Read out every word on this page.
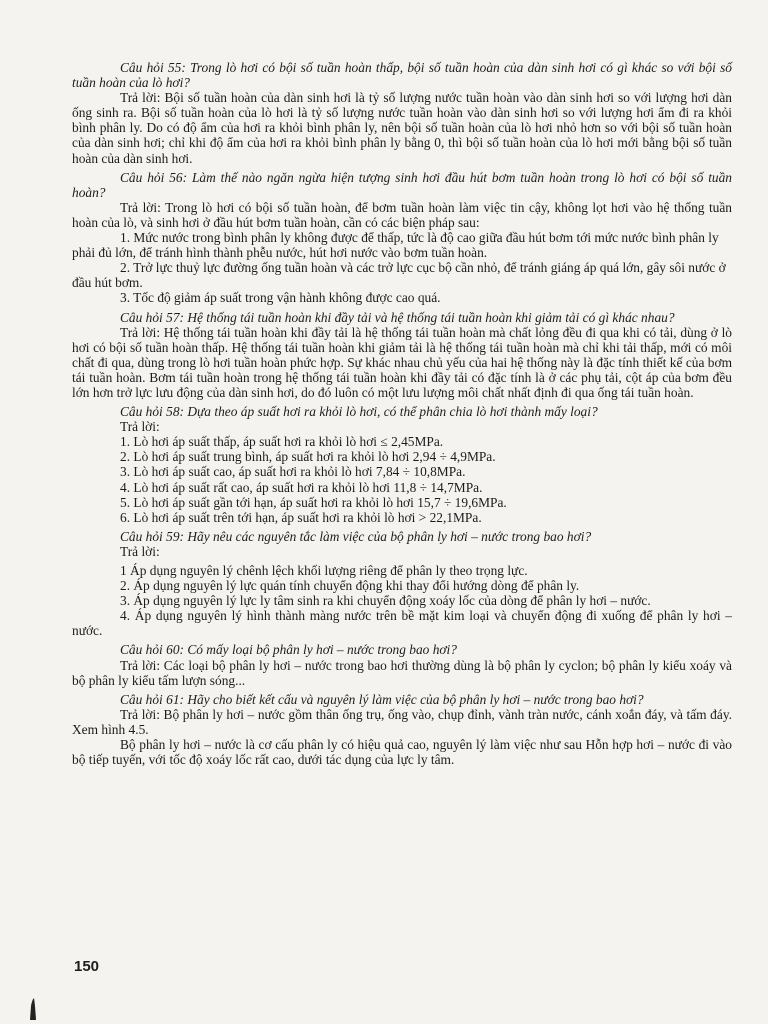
Câu hỏi 55: Trong lò hơi có bội số tuần hoàn thấp, bội số tuần hoàn của dàn sinh hơi có gì khác so với bội số tuần hoàn của lò hơi?

Trả lời: Bội số tuần hoàn của dàn sinh hơi là tỷ số lượng nước tuần hoàn vào dàn sinh hơi so với lượng hơi dàn ống sinh ra. Bội số tuần hoàn của lò hơi là tỷ số lượng nước tuần hoàn vào dàn sinh hơi so với lượng hơi ẩm đi ra khỏi bình phân ly. Do có độ ẩm của hơi ra khỏi bình phân ly, nên bội số tuần hoàn của lò hơi nhỏ hơn so với bội số tuần hoàn của dàn sinh hơi; chỉ khi độ ẩm của hơi ra khỏi bình phân ly bằng 0, thì bội số tuần hoàn của lò hơi mới bằng bội số tuần hoàn của dàn sinh hơi.

Câu hỏi 56: Làm thế nào ngăn ngừa hiện tượng sinh hơi đầu hút bơm tuần hoàn trong lò hơi có bội số tuần hoàn?

Trả lời: Trong lò hơi có bội số tuần hoàn, để bơm tuần hoàn làm việc tin cậy, không lọt hơi vào hệ thống tuần hoàn của lò, và sinh hơi ở đầu hút bơm tuần hoàn, cần có các biện pháp sau:

1. Mức nước trong bình phân ly không được để thấp, tức là độ cao giữa đầu hút bơm tới mức nước bình phân ly phải đủ lớn, để tránh hình thành phễu nước, hút hơi nước vào bơm tuần hoàn.

2. Trở lực thuỷ lực đường ống tuần hoàn và các trở lực cục bộ cần nhỏ, để tránh giáng áp quá lớn, gây sôi nước ở đầu hút bơm.

3. Tốc độ giảm áp suất trong vận hành không được cao quá.

Câu hỏi 57: Hệ thống tái tuần hoàn khi đầy tải và hệ thống tái tuần hoàn khi giảm tải có gì khác nhau?

Trả lời: Hệ thống tái tuần hoàn khi đầy tải là hệ thống tái tuần hoàn mà chất lỏng đều đi qua khi có tải, dùng ở lò hơi có bội số tuần hoàn thấp. Hệ thống tái tuần hoàn khi giảm tải là hệ thống tái tuần hoàn mà chỉ khi tải thấp, mới có môi chất đi qua, dùng trong lò hơi tuần hoàn phức hợp. Sự khác nhau chủ yếu của hai hệ thống này là đặc tính thiết kế của bơm tái tuần hoàn. Bơm tái tuần hoàn trong hệ thống tái tuần hoàn khi đầy tải có đặc tính là ở các phụ tải, cột áp của bơm đều lớn hơn trở lực lưu động của dàn sinh hơi, do đó luôn có một lưu lượng môi chất nhất định đi qua ống tái tuần hoàn.

Câu hỏi 58: Dựa theo áp suất hơi ra khỏi lò hơi, có thể phân chia lò hơi thành mấy loại?

Trả lời:

1. Lò hơi áp suất thấp, áp suất hơi ra khỏi lò hơi ≤ 2,45MPa.

2. Lò hơi áp suất trung bình, áp suất hơi ra khỏi lò hơi 2,94 ÷ 4,9MPa.

3. Lò hơi áp suất cao, áp suất hơi ra khỏi lò hơi 7,84 ÷ 10,8MPa.

4. Lò hơi áp suất rất cao, áp suất hơi ra khỏi lò hơi 11,8 ÷ 14,7MPa.

5. Lò hơi áp suất gần tới hạn, áp suất hơi ra khỏi lò hơi 15,7 ÷ 19,6MPa.

6. Lò hơi áp suất trên tới hạn, áp suất hơi ra khỏi lò hơi > 22,1MPa.

Câu hỏi 59: Hãy nêu các nguyên tắc làm việc của bộ phân ly hơi – nước trong bao hơi?

Trả lời:

1 Áp dụng nguyên lý chênh lệch khối lượng riêng để phân ly theo trọng lực.

2. Áp dụng nguyên lý lực quán tính chuyển động khi thay đổi hướng dòng để phân ly.

3. Áp dụng nguyên lý lực ly tâm sinh ra khi chuyển động xoáy lốc của dòng để phân ly hơi – nước.

4. Áp dụng nguyên lý hình thành màng nước trên bề mặt kim loại và chuyển động đi xuống để phân ly hơi – nước.

Câu hỏi 60: Có mấy loại bộ phân ly hơi – nước trong bao hơi?

Trả lời: Các loại bộ phân ly hơi – nước trong bao hơi thường dùng là bộ phân ly cyclon; bộ phân ly kiểu xoáy và bộ phân ly kiểu tấm lượn sóng...

Câu hỏi 61: Hãy cho biết kết cấu và nguyên lý làm việc của bộ phân ly hơi – nước trong bao hơi?

Trả lời: Bộ phân ly hơi – nước gồm thân ống trụ, ống vào, chụp đỉnh, vành tràn nước, cánh xoắn đáy, và tấm đáy. Xem hình 4.5.

Bộ phân ly hơi – nước là cơ cấu phân ly có hiệu quả cao, nguyên lý làm việc như sau Hỗn hợp hơi – nước đi vào bộ tiếp tuyến, với tốc độ xoáy lốc rất cao, dưới tác dụng của lực ly tâm.

150
